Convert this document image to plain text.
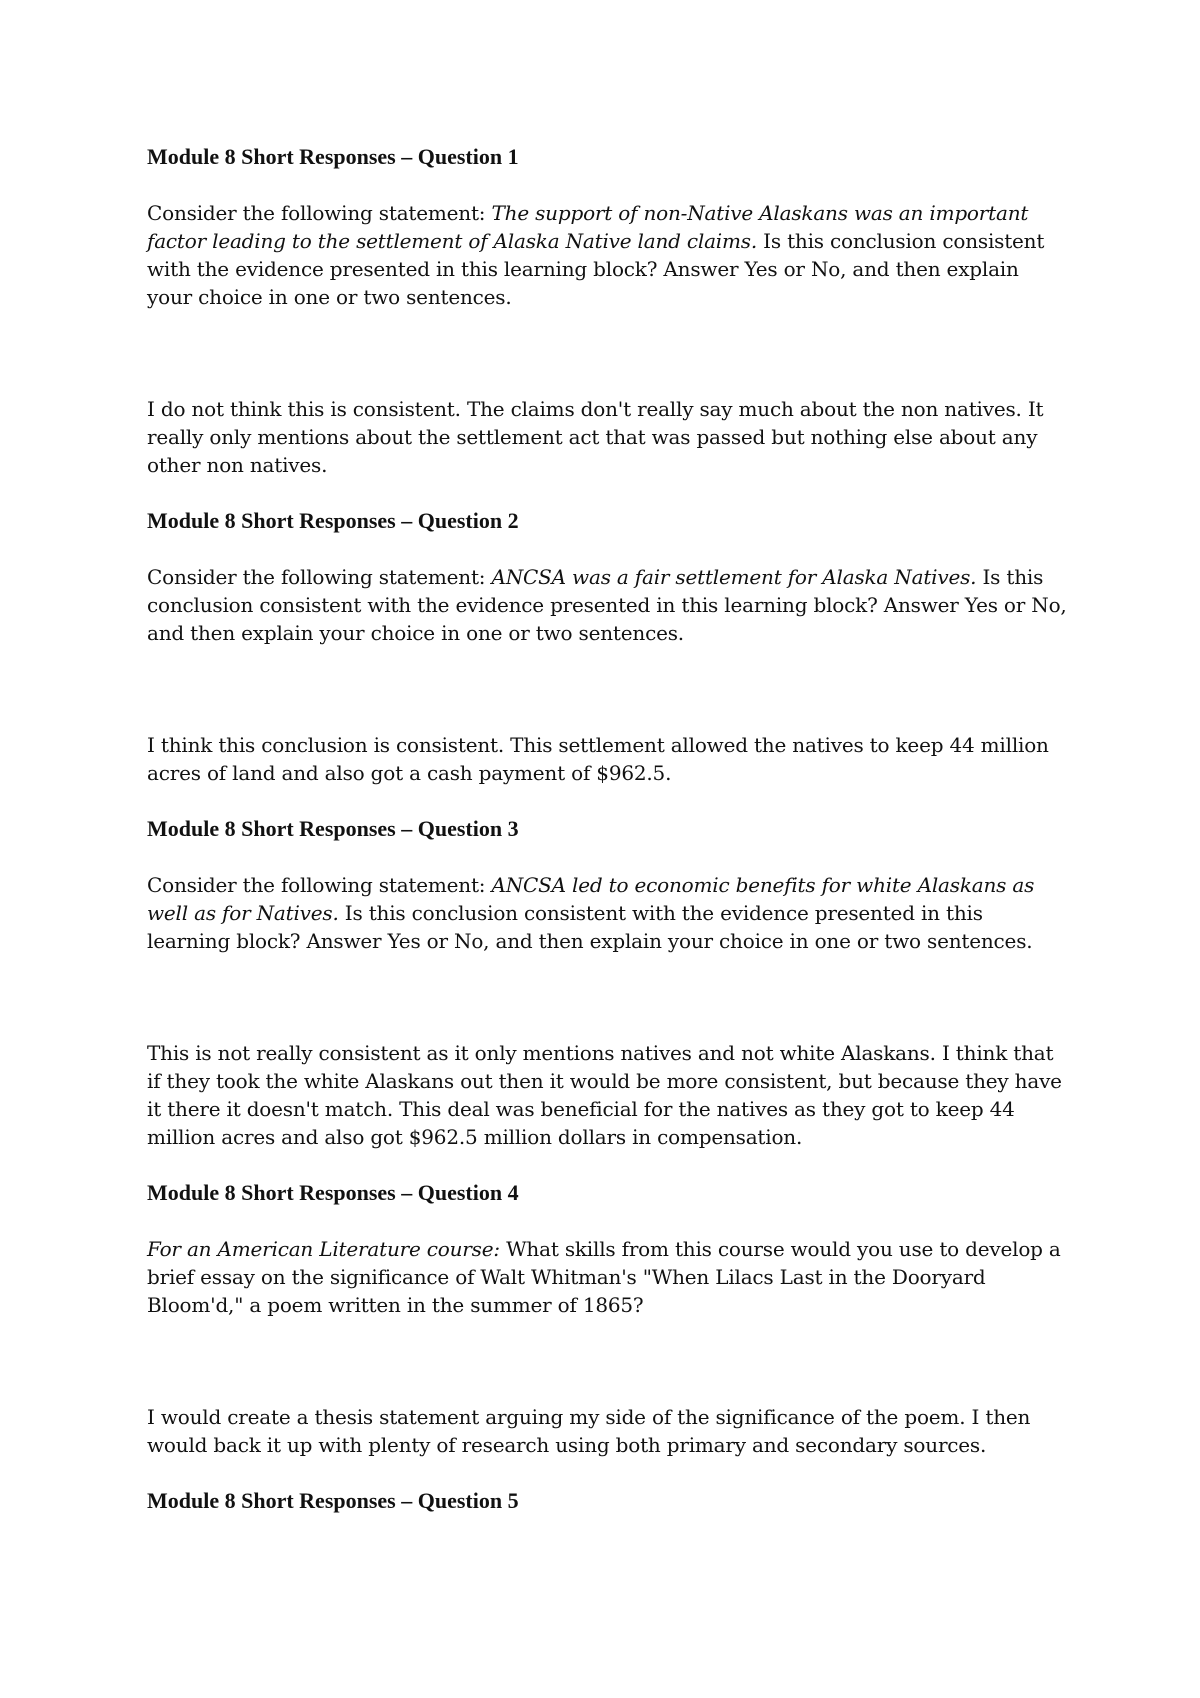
Module 8 Short Responses – Question 1

Consider the following statement: The support of non-Native Alaskans was an important factor leading to the settlement of Alaska Native land claims. Is this conclusion consistent with the evidence presented in this learning block? Answer Yes or No, and then explain your choice in one or two sentences.

I do not think this is consistent. The claims don't really say much about the non natives. It really only mentions about the settlement act that was passed but nothing else about any other non natives.

Module 8 Short Responses – Question 2

Consider the following statement: ANCSA was a fair settlement for Alaska Natives. Is this conclusion consistent with the evidence presented in this learning block? Answer Yes or No, and then explain your choice in one or two sentences.

I think this conclusion is consistent. This settlement allowed the natives to keep 44 million acres of land and also got a cash payment of $962.5.

Module 8 Short Responses – Question 3

Consider the following statement: ANCSA led to economic benefits for white Alaskans as well as for Natives. Is this conclusion consistent with the evidence presented in this learning block? Answer Yes or No, and then explain your choice in one or two sentences.

This is not really consistent as it only mentions natives and not white Alaskans. I think that if they took the white Alaskans out then it would be more consistent, but because they have it there it doesn't match. This deal was beneficial for the natives as they got to keep 44 million acres and also got $962.5 million dollars in compensation.

Module 8 Short Responses – Question 4

For an American Literature course: What skills from this course would you use to develop a brief essay on the significance of Walt Whitman's "When Lilacs Last in the Dooryard Bloom'd," a poem written in the summer of 1865?

I would create a thesis statement arguing my side of the significance of the poem. I then would back it up with plenty of research using both primary and secondary sources.

Module 8 Short Responses – Question 5
